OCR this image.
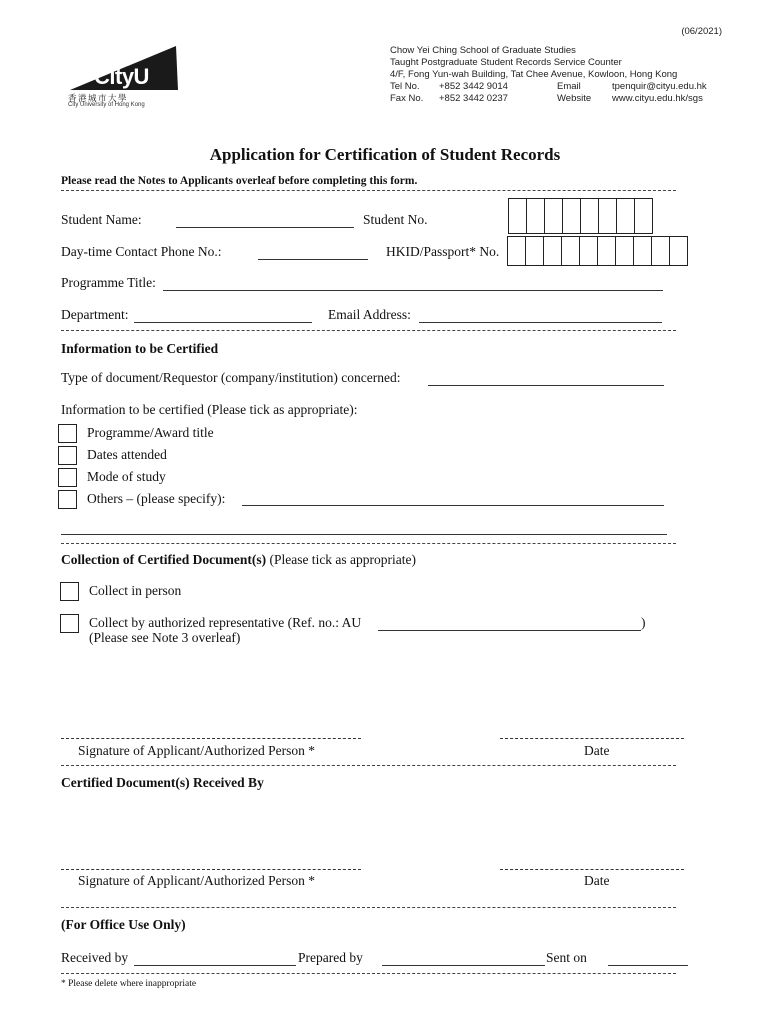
(06/2021)
CityU
香港城市大學
City University of Hong Kong
Chow Yei Ching School of Graduate Studies
Taught Postgraduate Student Records Service Counter
4/F, Fong Yun-wah Building, Tat Chee Avenue, Kowloon, Hong Kong
Tel No. +852 3442 9014	Email	tpenquir@cityu.edu.hk
Fax No. +852 3442 0237	Website www.cityu.edu.hk/sgs
Application for Certification of Student Records
Please read the Notes to Applicants overleaf before completing this form.
Student Name:	Student No.
Day-time Contact Phone No.:	HKID/Passport* No.
Programme Title:
Department:	Email Address:
Information to be Certified
Type of document/Requestor (company/institution) concerned:
Information to be certified (Please tick as appropriate):
Programme/Award title
Dates attended
Mode of study
Others – (please specify):
Collection of Certified Document(s) (Please tick as appropriate)
Collect in person
Collect by authorized representative (Ref. no.: AU	)
(Please see Note 3 overleaf)
Signature of Applicant/Authorized Person *	Date
Certified Document(s) Received By
Signature of Applicant/Authorized Person *	Date
(For Office Use Only)
Received by	Prepared by	Sent on
* Please delete where inappropriate
